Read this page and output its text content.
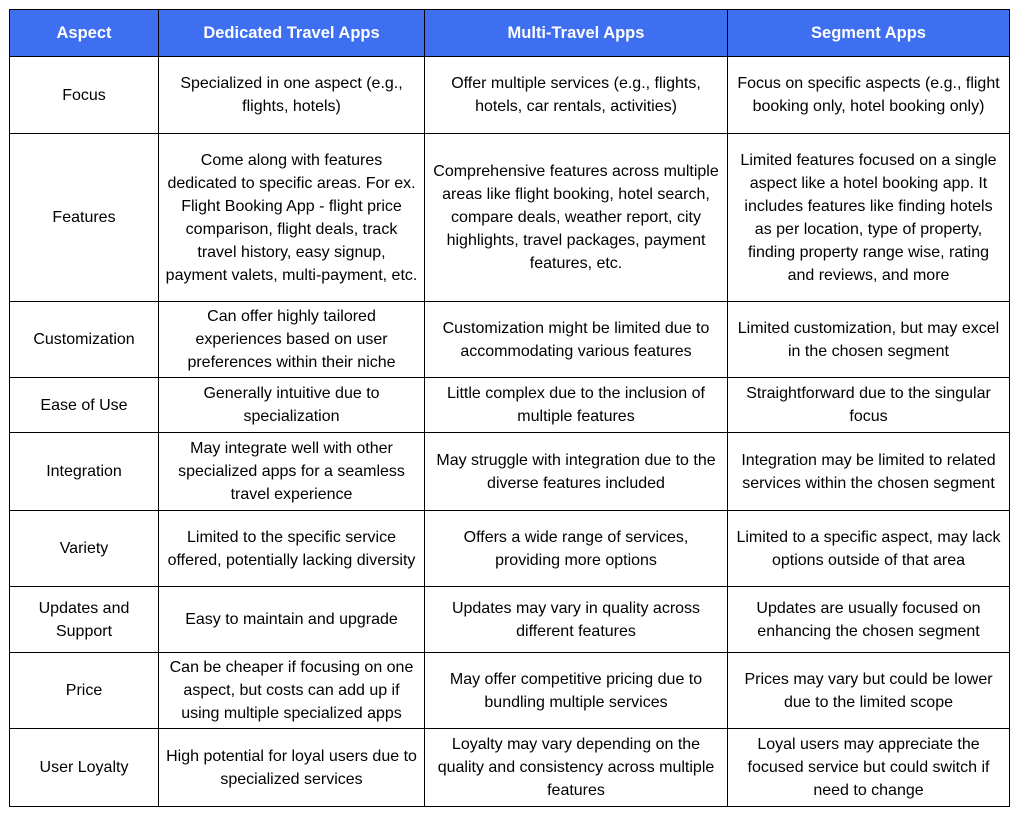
Aspect	Dedicated Travel Apps	Multi-Travel Apps	Segment Apps
Focus	Specialized in one aspect (e.g., flights, hotels)	Offer multiple services (e.g., flights, hotels, car rentals, activities)	Focus on specific aspects (e.g., flight booking only, hotel booking only)
Features	Come along with features dedicated to specific areas. For ex. Flight Booking App - flight price comparison, flight deals, track travel history, easy signup, payment valets, multi-payment, etc.	Comprehensive features across multiple areas like flight booking, hotel search, compare deals, weather report, city highlights, travel packages, payment features, etc.	Limited features focused on a single aspect like a hotel booking app. It includes features like finding hotels as per location, type of property, finding property range wise, rating and reviews, and more
Customization	Can offer highly tailored experiences based on user preferences within their niche	Customization might be limited due to accommodating various features	Limited customization, but may excel in the chosen segment
Ease of Use	Generally intuitive due to specialization	Little complex due to the inclusion of multiple features	Straightforward due to the singular focus
Integration	May integrate well with other specialized apps for a seamless travel experience	May struggle with integration due to the diverse features included	Integration may be limited to related services within the chosen segment
Variety	Limited to the specific service offered, potentially lacking diversity	Offers a wide range of services, providing more options	Limited to a specific aspect, may lack options outside of that area
Updates and Support	Easy to maintain and upgrade	Updates may vary in quality across different features	Updates are usually focused on enhancing the chosen segment
Price	Can be cheaper if focusing on one aspect, but costs can add up if using multiple specialized apps	May offer competitive pricing due to bundling multiple services	Prices may vary but could be lower due to the limited scope
User Loyalty	High potential for loyal users due to specialized services	Loyalty may vary depending on the quality and consistency across multiple features	Loyal users may appreciate the focused service but could switch if need to change
